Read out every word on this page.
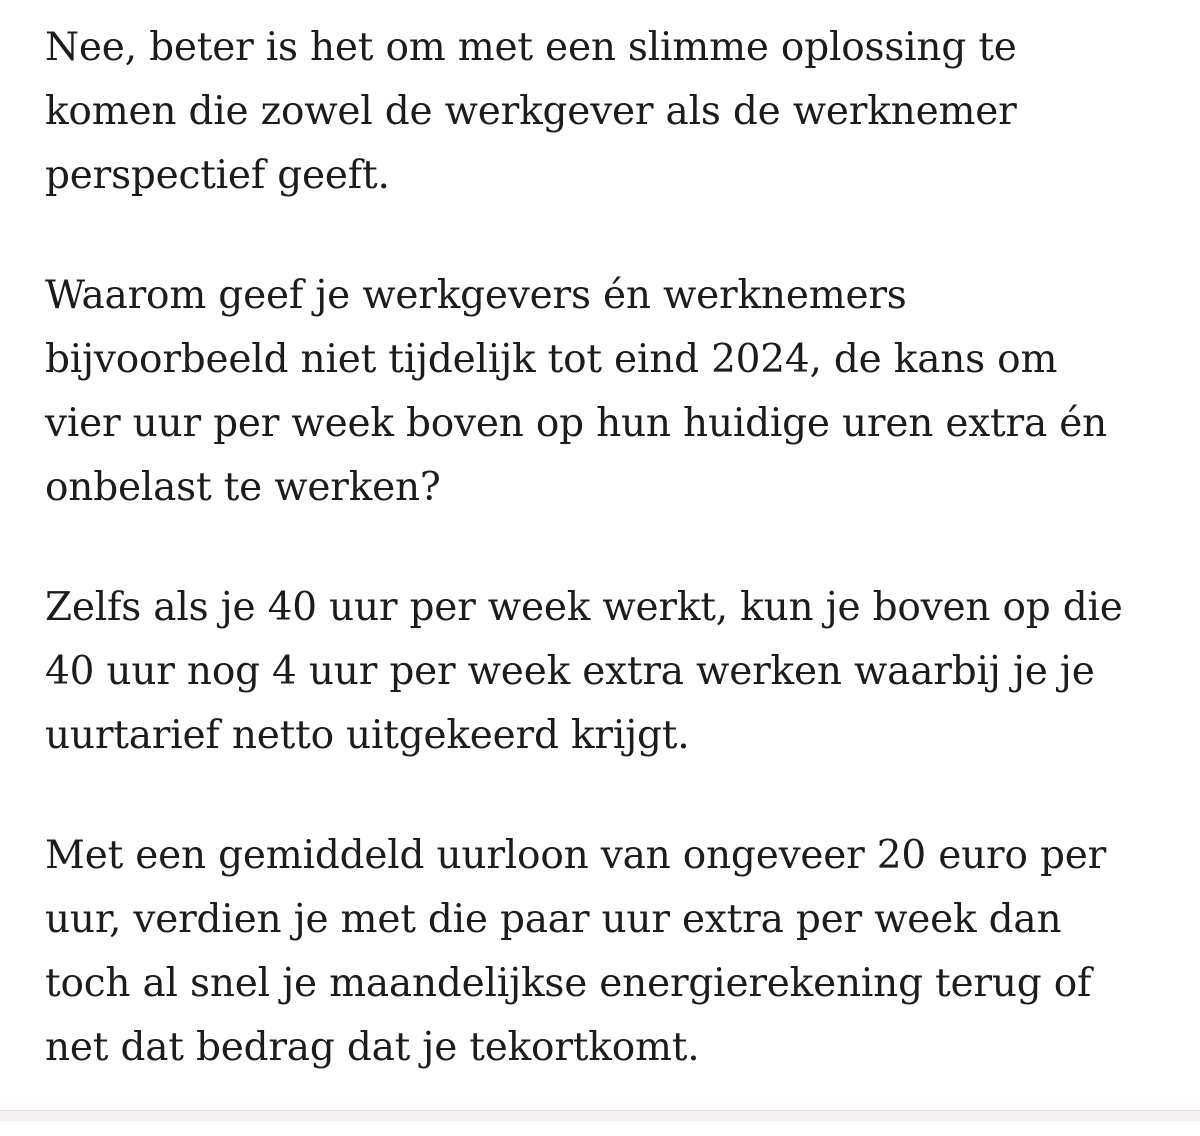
Nee, beter is het om met een slimme oplossing te
komen die zowel de werkgever als de werknemer
perspectief geeft.

Waarom geef je werkgevers én werknemers
bijvoorbeeld niet tijdelijk tot eind 2024, de kans om
vier uur per week boven op hun huidige uren extra én
onbelast te werken?

Zelfs als je 40 uur per week werkt, kun je boven op die
40 uur nog 4 uur per week extra werken waarbij je je
uurtarief netto uitgekeerd krijgt.

Met een gemiddeld uurloon van ongeveer 20 euro per
uur, verdien je met die paar uur extra per week dan
toch al snel je maandelijkse energierekening terug of
net dat bedrag dat je tekortkomt.
